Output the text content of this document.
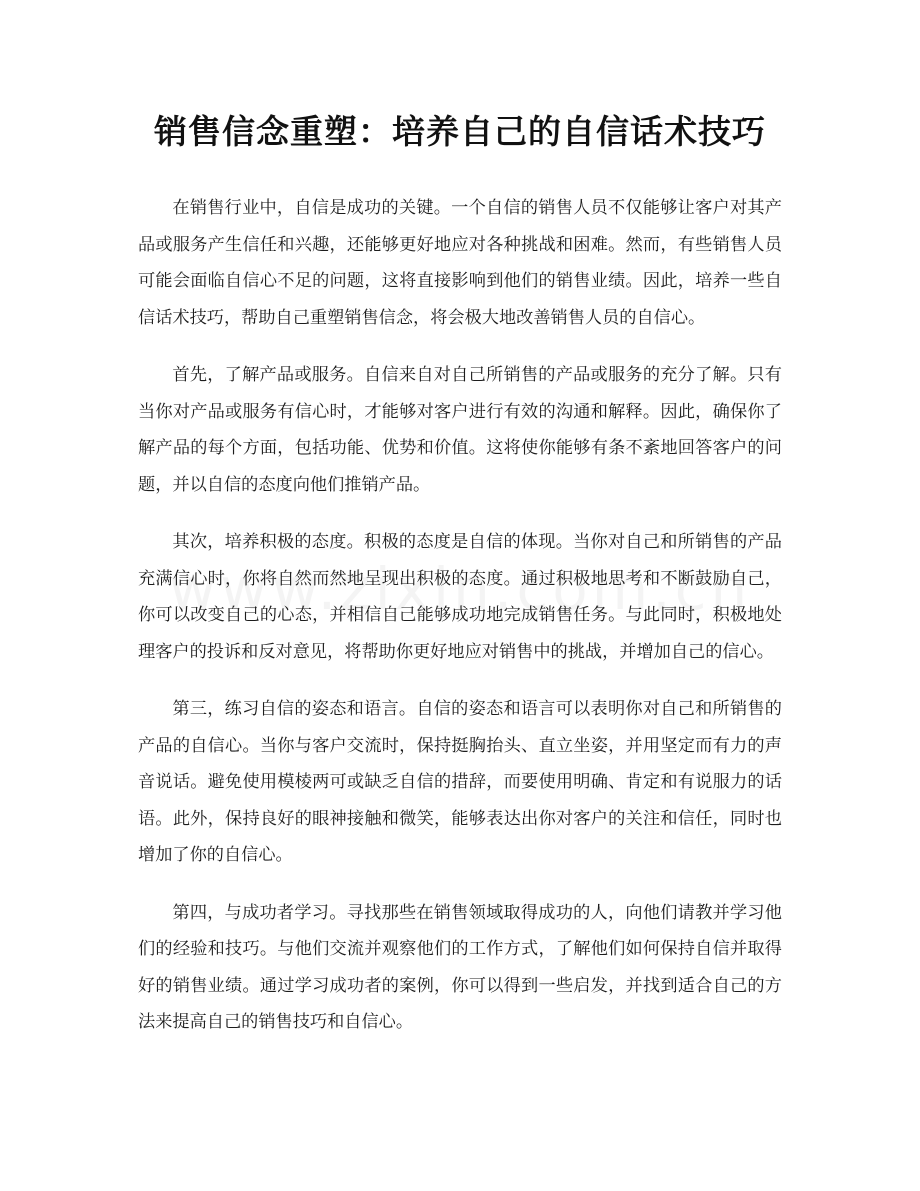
销售信念重塑：培养自己的自信话术技巧

在销售行业中，自信是成功的关键。一个自信的销售人员不仅能够让客户对其产品或服务产生信任和兴趣，还能够更好地应对各种挑战和困难。然而，有些销售人员可能会面临自信心不足的问题，这将直接影响到他们的销售业绩。因此，培养一些自信话术技巧，帮助自己重塑销售信念，将会极大地改善销售人员的自信心。

首先，了解产品或服务。自信来自对自己所销售的产品或服务的充分了解。只有当你对产品或服务有信心时，才能够对客户进行有效的沟通和解释。因此，确保你了解产品的每个方面，包括功能、优势和价值。这将使你能够有条不紊地回答客户的问题，并以自信的态度向他们推销产品。

其次，培养积极的态度。积极的态度是自信的体现。当你对自己和所销售的产品充满信心时，你将自然而然地呈现出积极的态度。通过积极地思考和不断鼓励自己，你可以改变自己的心态，并相信自己能够成功地完成销售任务。与此同时，积极地处理客户的投诉和反对意见，将帮助你更好地应对销售中的挑战，并增加自己的信心。

第三，练习自信的姿态和语言。自信的姿态和语言可以表明你对自己和所销售的产品的自信心。当你与客户交流时，保持挺胸抬头、直立坐姿，并用坚定而有力的声音说话。避免使用模棱两可或缺乏自信的措辞，而要使用明确、肯定和有说服力的话语。此外，保持良好的眼神接触和微笑，能够表达出你对客户的关注和信任，同时也增加了你的自信心。

第四，与成功者学习。寻找那些在销售领域取得成功的人，向他们请教并学习他们的经验和技巧。与他们交流并观察他们的工作方式，了解他们如何保持自信并取得好的销售业绩。通过学习成功者的案例，你可以得到一些启发，并找到适合自己的方法来提高自己的销售技巧和自信心。
